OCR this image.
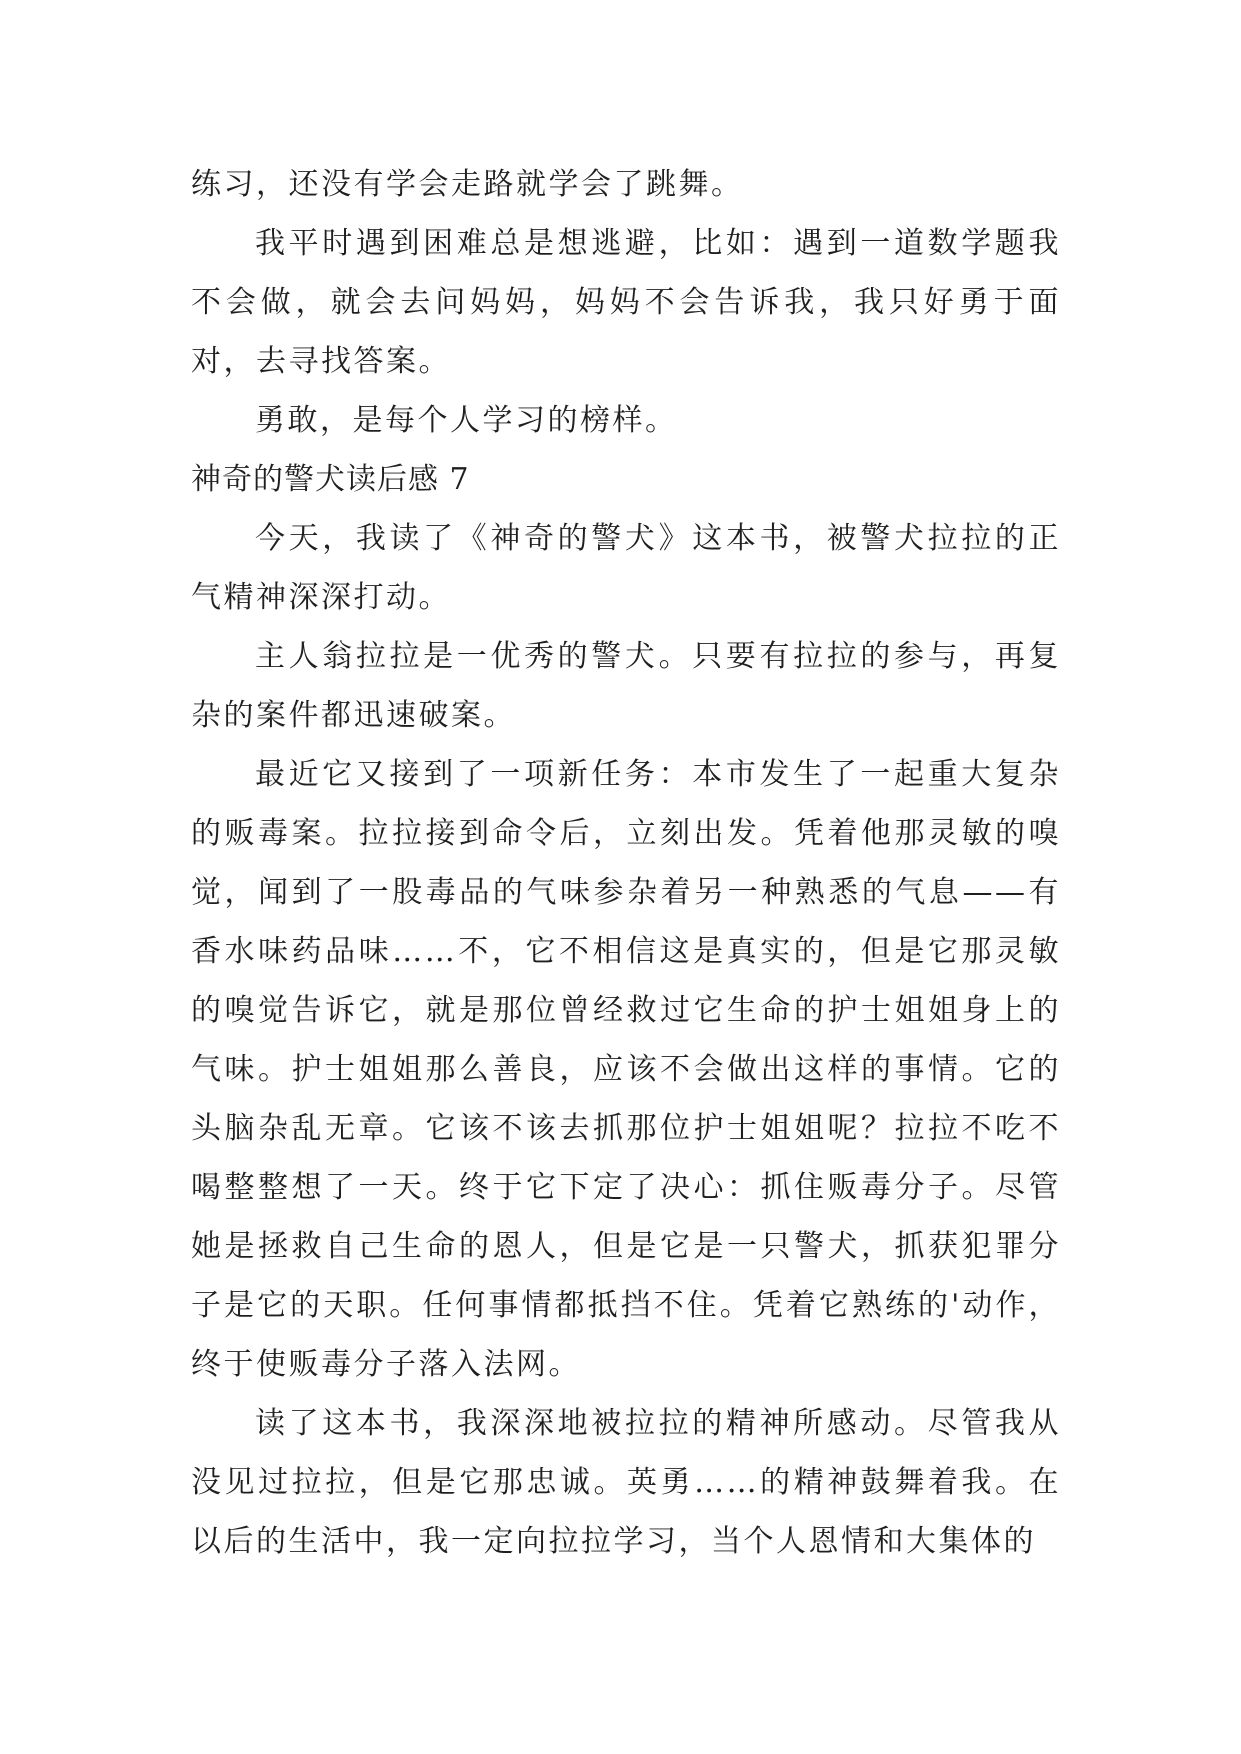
练习，还没有学会走路就学会了跳舞。

我平时遇到困难总是想逃避，比如：遇到一道数学题我不会做，就会去问妈妈，妈妈不会告诉我，我只好勇于面对，去寻找答案。

勇敢，是每个人学习的榜样。

神奇的警犬读后感 7

今天，我读了《神奇的警犬》这本书，被警犬拉拉的正气精神深深打动。

主人翁拉拉是一优秀的警犬。只要有拉拉的参与，再复杂的案件都迅速破案。

最近它又接到了一项新任务：本市发生了一起重大复杂的贩毒案。拉拉接到命令后，立刻出发。凭着他那灵敏的嗅觉，闻到了一股毒品的气味参杂着另一种熟悉的气息——有香水味药品味……不，它不相信这是真实的，但是它那灵敏的嗅觉告诉它，就是那位曾经救过它生命的护士姐姐身上的气味。护士姐姐那么善良，应该不会做出这样的事情。它的头脑杂乱无章。它该不该去抓那位护士姐姐呢？拉拉不吃不喝整整想了一天。终于它下定了决心：抓住贩毒分子。尽管她是拯救自己生命的恩人，但是它是一只警犬，抓获犯罪分子是它的天职。任何事情都抵挡不住。凭着它熟练的'动作，终于使贩毒分子落入法网。

读了这本书，我深深地被拉拉的精神所感动。尽管我从没见过拉拉，但是它那忠诚。英勇……的精神鼓舞着我。在以后的生活中，我一定向拉拉学习，当个人恩情和大集体的
